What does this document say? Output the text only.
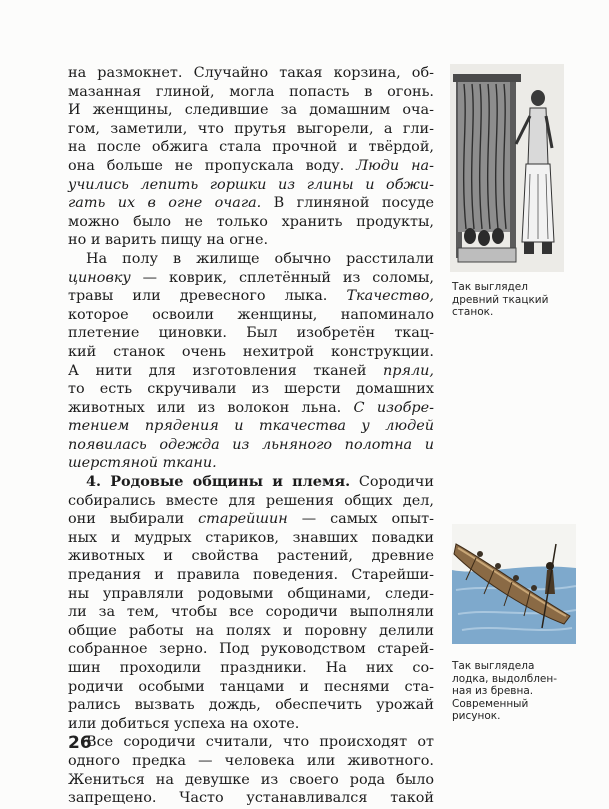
на размокнет. Случайно такая корзина, об-
мазанная глиной, могла попасть в огонь.
И женщины, следившие за домашним оча-
гом, заметили, что прутья выгорели, а гли-
на после обжига стала прочной и твёрдой,
она больше не пропускала воду. Люди на-
учились лепить горшки из глины и обжи-
гать их в огне очага. В глиняной посуде
можно было не только хранить продукты,
но и варить пищу на огне.
На полу в жилище обычно расстилали
циновку — коврик, сплетённый из соломы,
травы или древесного лыка. Ткачество,
которое освоили женщины, напоминало
плетение циновки. Был изобретён ткац-
кий станок очень нехитрой конструкции.
А нити для изготовления тканей пряли,
то есть скручивали из шерсти домашних
животных или из волокон льна. С изобре-
тением прядения и ткачества у людей
появилась одежда из льняного полотна и
шерстяной ткани.
4. Родовые общины и племя. Сородичи
собирались вместе для решения общих дел,
они выбирали старейшин — самых опыт-
ных и мудрых стариков, знавших повадки
животных и свойства растений, древние
предания и правила поведения. Старейши-
ны управляли родовыми общинами, следи-
ли за тем, чтобы все сородичи выполняли
общие работы на полях и поровну делили
собранное зерно. Под руководством старей-
шин проходили праздники. На них со-
родичи особыми танцами и песнями ста-
рались вызвать дождь, обеспечить урожай
или добиться успеха на охоте.
Все сородичи считали, что происходят от
одного предка — человека или животного.
Жениться на девушке из своего рода было
запрещено. Часто устанавливался такой
26
Так выглядел
древний ткацкий
станок.
Так выглядела
лодка, выдолблен-
ная из бревна.
Современный
рисунок.
